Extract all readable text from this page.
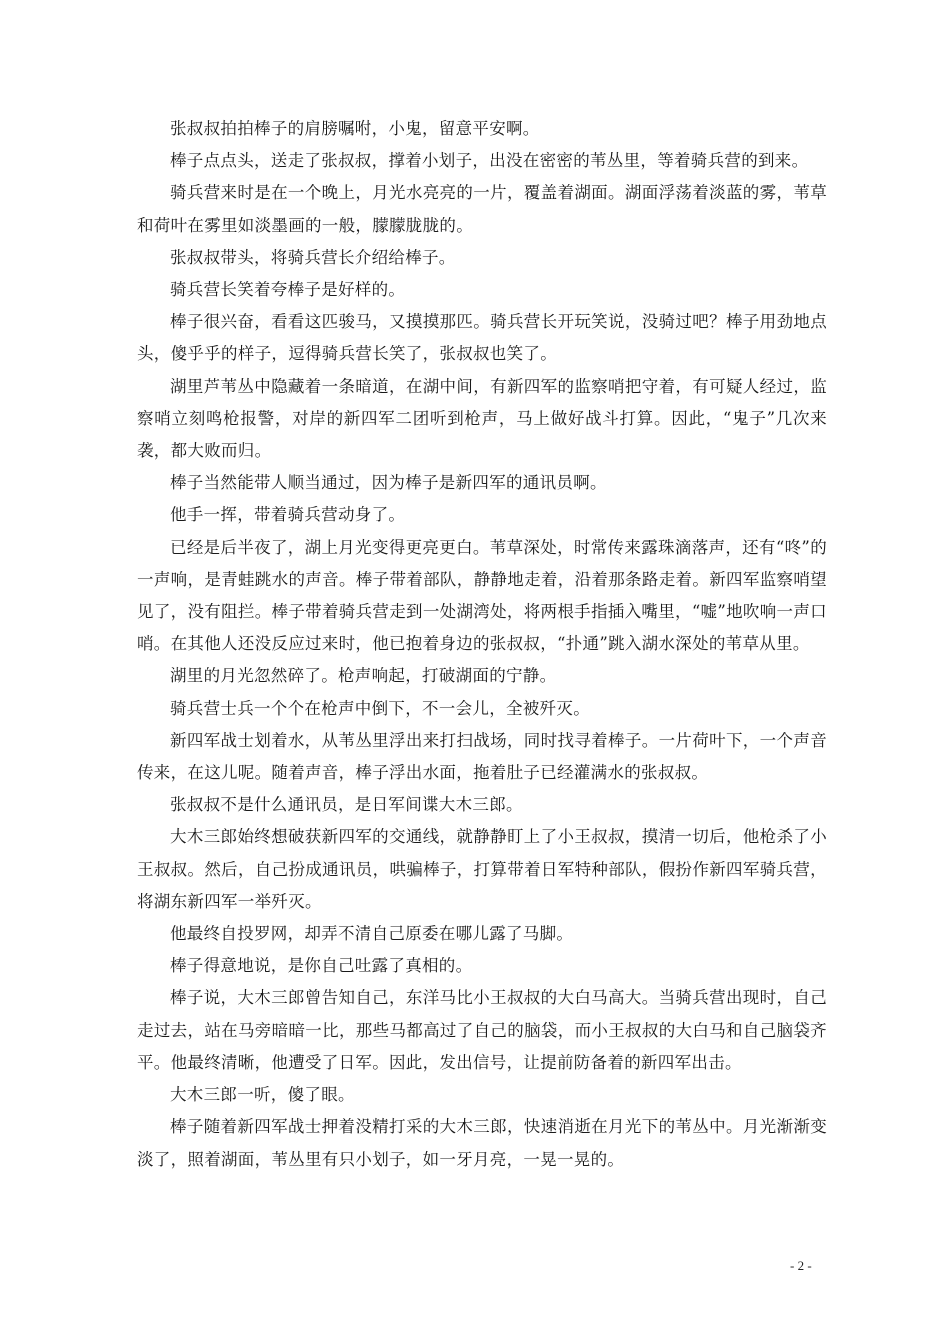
张叔叔拍拍棒子的肩膀嘱咐，小鬼，留意平安啊。

棒子点点头，送走了张叔叔，撑着小划子，出没在密密的苇丛里，等着骑兵营的到来。

骑兵营来时是在一个晚上，月光水亮亮的一片，覆盖着湖面。湖面浮荡着淡蓝的雾，苇草和荷叶在雾里如淡墨画的一般，朦朦胧胧的。

张叔叔带头，将骑兵营长介绍给棒子。

骑兵营长笑着夸棒子是好样的。

棒子很兴奋，看看这匹骏马，又摸摸那匹。骑兵营长开玩笑说，没骑过吧？棒子用劲地点头，傻乎乎的样子，逗得骑兵营长笑了，张叔叔也笑了。

湖里芦苇丛中隐藏着一条暗道，在湖中间，有新四军的监察哨把守着，有可疑人经过，监察哨立刻鸣枪报警，对岸的新四军二团听到枪声，马上做好战斗打算。因此，“鬼子”几次来袭，都大败而归。

棒子当然能带人顺当通过，因为棒子是新四军的通讯员啊。

他手一挥，带着骑兵营动身了。

已经是后半夜了，湖上月光变得更亮更白。苇草深处，时常传来露珠滴落声，还有“咚”的一声响，是青蛙跳水的声音。棒子带着部队，静静地走着，沿着那条路走着。新四军监察哨望见了，没有阻拦。棒子带着骑兵营走到一处湖湾处，将两根手指插入嘴里，“嘘”地吹响一声口哨。在其他人还没反应过来时，他已抱着身边的张叔叔，“扑通”跳入湖水深处的苇草从里。

湖里的月光忽然碎了。枪声响起，打破湖面的宁静。

骑兵营士兵一个个在枪声中倒下，不一会儿，全被歼灭。

新四军战士划着水，从苇丛里浮出来打扫战场，同时找寻着棒子。一片荷叶下，一个声音传来，在这儿呢。随着声音，棒子浮出水面，拖着肚子已经灌满水的张叔叔。

张叔叔不是什么通讯员，是日军间谍大木三郎。

大木三郎始终想破获新四军的交通线，就静静盯上了小王叔叔，摸清一切后，他枪杀了小王叔叔。然后，自己扮成通讯员，哄骗棒子，打算带着日军特种部队，假扮作新四军骑兵营，将湖东新四军一举歼灭。

他最终自投罗网，却弄不清自己原委在哪儿露了马脚。

棒子得意地说，是你自己吐露了真相的。

棒子说，大木三郎曾告知自己，东洋马比小王叔叔的大白马高大。当骑兵营出现时，自己走过去，站在马旁暗暗一比，那些马都高过了自己的脑袋，而小王叔叔的大白马和自己脑袋齐平。他最终清晰，他遭受了日军。因此，发出信号，让提前防备着的新四军出击。

大木三郎一听，傻了眼。

棒子随着新四军战士押着没精打采的大木三郎，快速消逝在月光下的苇丛中。月光渐渐变淡了，照着湖面，苇丛里有只小划子，如一牙月亮，一晃一晃的。

- 2 -
